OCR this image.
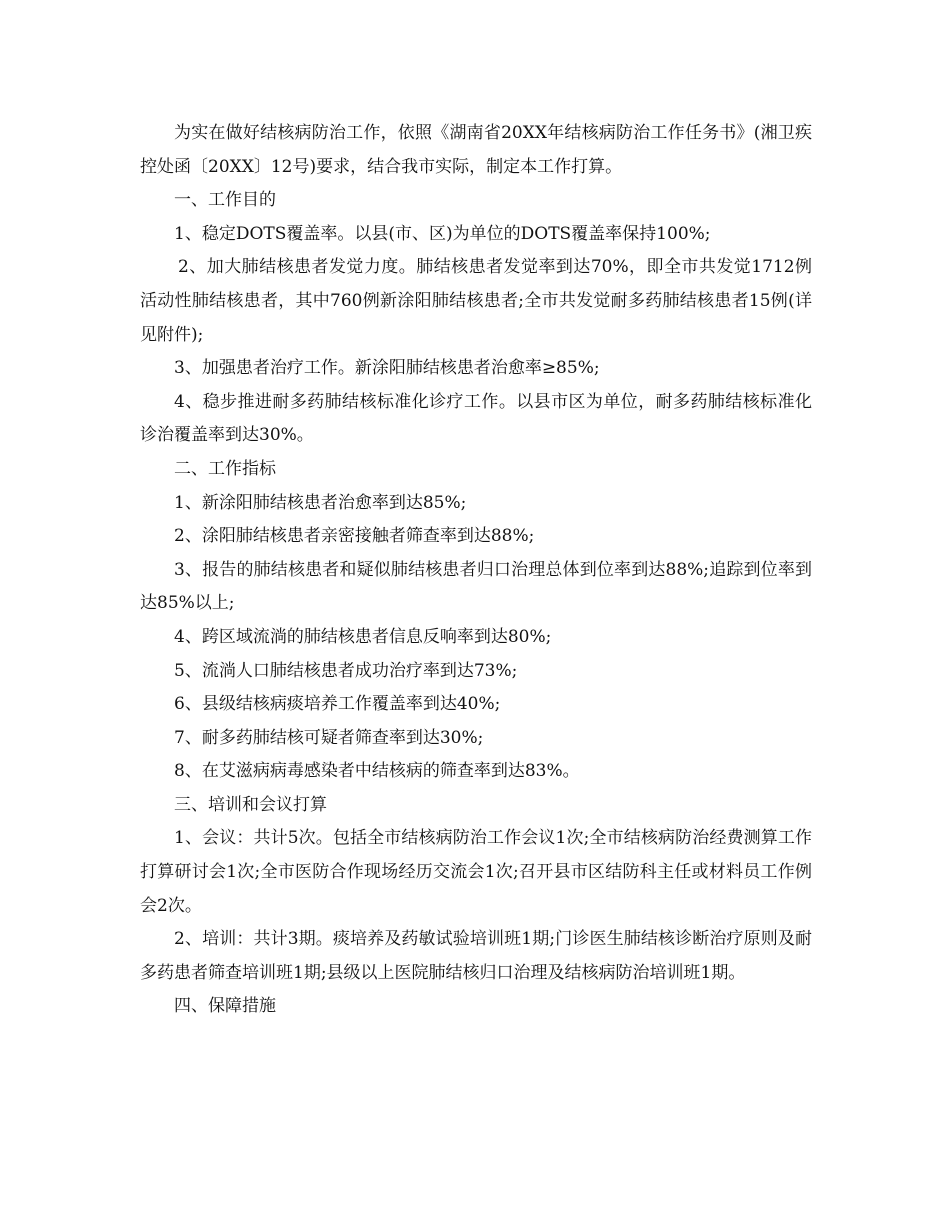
为实在做好结核病防治工作，依照《湖南省20XX年结核病防治工作任务书》(湘卫疾控处函〔20XX〕12号)要求，结合我市实际，制定本工作打算。

一、工作目的

1、稳定DOTS覆盖率。以县(市、区)为单位的DOTS覆盖率保持100%;

2、加大肺结核患者发觉力度。肺结核患者发觉率到达70%，即全市共发觉1712例活动性肺结核患者，其中760例新涂阳肺结核患者;全市共发觉耐多药肺结核患者15例(详见附件);

3、加强患者治疗工作。新涂阳肺结核患者治愈率≥85%;

4、稳步推进耐多药肺结核标准化诊疗工作。以县市区为单位，耐多药肺结核标准化诊治覆盖率到达30%。

二、工作指标

1、新涂阳肺结核患者治愈率到达85%;

2、涂阳肺结核患者亲密接触者筛查率到达88%;

3、报告的肺结核患者和疑似肺结核患者归口治理总体到位率到达88%;追踪到位率到达85%以上;

4、跨区域流淌的肺结核患者信息反响率到达80%;

5、流淌人口肺结核患者成功治疗率到达73%;

6、县级结核病痰培养工作覆盖率到达40%;

7、耐多药肺结核可疑者筛查率到达30%;

8、在艾滋病病毒感染者中结核病的筛查率到达83%。

三、培训和会议打算

1、会议：共计5次。包括全市结核病防治工作会议1次;全市结核病防治经费测算工作打算研讨会1次;全市医防合作现场经历交流会1次;召开县市区结防科主任或材料员工作例会2次。

2、培训：共计3期。痰培养及药敏试验培训班1期;门诊医生肺结核诊断治疗原则及耐多药患者筛查培训班1期;县级以上医院肺结核归口治理及结核病防治培训班1期。

四、保障措施
